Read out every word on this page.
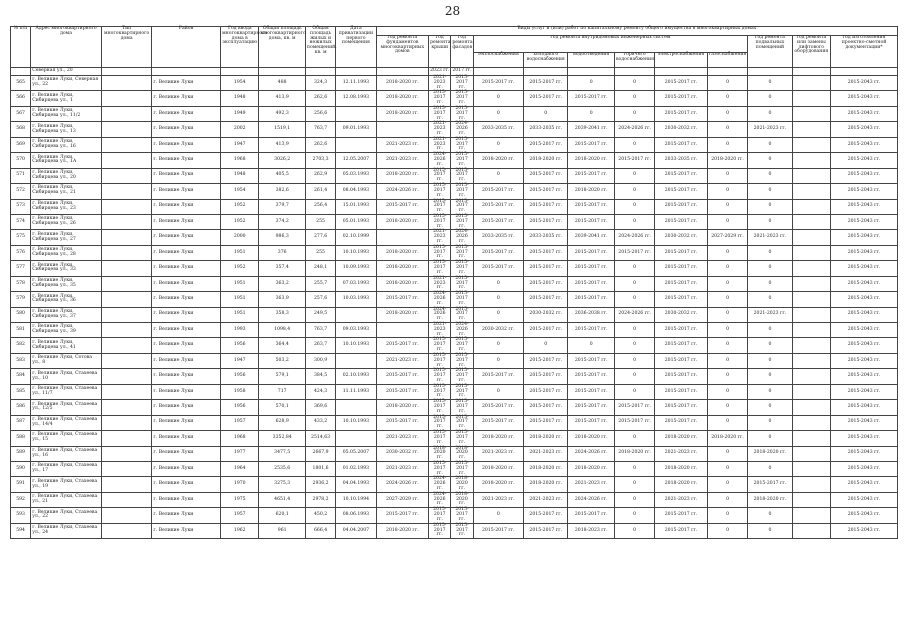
28
№ п/п	Адрес многоквартирного дома	Тип многоквартирного дома	Район	Год ввода многоквартирного дома в эксплуатацию	Общая площадь многоквартирного дома, кв. м	Общая площадь жилых и нежилых помещений, кв. м	Дата приватизации первого помещения	Виды услуг и (или) работ по капитальному ремонту общего имущества в многоквартирных домах											
								год ремонта фундаментов многоквартирных домов	год ремонта крыши	год ремонта фасадов	год ремонта внутридомовых инженерных систем						год ремонта подвальных помещений	год ремонта или замены лифтового оборудования	год изготовления проектно-сметной документации*
											теплоснабжения	холодного водоснабжения	водоотведения	горячего водоснабжения	электроснабжения	газоснабжения			
	Северная ул., 20								2023 гг.	2017 гг.									
565	г. Великие Луки, Северная ул., 22		г. Великие Луки	1954	488	324,3	12.11.1993	2018-2020 гг.	2021-2023 гг.	2015-2017 гг.	2015-2017 гг.	2015-2017 гг.	0	0	2015-2017 гг.	0	0		2015-2043 гг.
566	г. Великие Луки, Сибирцева ул., 1		г. Великие Луки	1948	413,9	262,6	12.08.1993	2018-2020 гг.	2015-2017 гг.	2015-2017 гг.	0	2015-2017 гг.	2015-2017 гг.	0	2015-2017 гг.	0	0		2015-2043 гг.
567	г. Великие Луки, Сибирцева ул., 11/2		г. Великие Луки	1949	492,3	256,6		2018-2020 гг.	2015-2017 гг.	2015-2017 гг.	0	0	0	0	2015-2017 гг.	0	0		2015-2043 гг.
568	г. Великие Луки, Сибирцева ул., 13		г. Великие Луки	2002	1519,1	763,7	09.01.1993		2021-2023 гг.	2024-2026 гг.	2033-2035 гг.	2033-2035 гг.	2039-2041 гг.	2024-2026 гг.	2030-2032 гг.	0	2021-2023 гг.		2015-2043 гг.
569	г. Великие Луки, Сибирцева ул., 16		г. Великие Луки	1947	413,9	262,6		2021-2023 гг.	2021-2023 гг.	2015-2017 гг.	0	2015-2017 гг.	2015-2017 гг.	0	2015-2017 гг.	0	0		2015-2043 гг.
570	г. Великие Луки, Сибирцева ул., 1А		г. Великие Луки	1968	3026,2	2703,3	12.05.2007	2021-2023 гг.	2024-2026 гг.	2015-2017 гг.	2018-2020 гг.	2018-2020 гг.	2018-2020 гг.	2015-2017 гг.	2033-2035 гг.	2018-2020 гг.	0		2015-2043 гг.
571	г. Великие Луки, Сибирцева ул., 20		г. Великие Луки	1948	405,5	262,9	05.03.1993	2018-2020 гг.	2015-2017 гг.	2015-2017 гг.	0	2015-2017 гг.	2015-2017 гг.	0	2015-2017 гг.	0	0		2015-2043 гг.
572	г. Великие Луки, Сибирцева ул., 21		г. Великие Луки	1954	382,6	261,4	08.04.1993	2024-2026 гг.	2015-2017 гг.	2015-2017 гг.	2015-2017 гг.	2015-2017 гг.	2018-2020 гг.	0	2015-2017 гг.	0	0		2015-2043 гг.
573	г. Великие Луки, Сибирцева ул., 23		г. Великие Луки	1952	379,7	256,4	15.01.1993	2015-2017 гг.	2015-2017 гг.	2015-2017 гг.	2015-2017 гг.	2015-2017 гг.	2015-2017 гг.	0	2015-2017 гг.	0	0		2015-2043 гг.
574	г. Великие Луки, Сибирцева ул., 26		г. Великие Луки	1952	374,2	255	05.01.1993	2018-2020 гг.	2015-2017 гг.	2015-2017 гг.	2015-2017 гг.	2015-2017 гг.	2015-2017 гг.	0	2015-2017 гг.	0	0		2015-2043 гг.
575	г. Великие Луки, Сибирцева ул., 27		г. Великие Луки	2000	986,3	277,6	02.10.1999		2021-2023 гг.	2024-2026 гг.	2033-2035 гг.	2033-2035 гг.	2039-2041 гг.	2024-2026 гг.	2030-2032 гг.	2027-2029 гг.	2021-2023 гг.		2015-2043 гг.
576	г. Великие Луки, Сибирцева ул., 28		г. Великие Луки	1951	376	255	10.10.1993	2018-2020 гг.	2015-2017 гг.	2015-2017 гг.	2015-2017 гг.	2015-2017 гг.	2015-2017 гг.	2015-2017 гг.	2015-2017 гг.	0	0		2015-2043 гг.
577	г. Великие Луки, Сибирцева ул., 33		г. Великие Луки	1952	357,4	248,1	10.09.1993	2018-2020 гг.	2015-2017 гг.	2015-2017 гг.	2015-2017 гг.	2015-2017 гг.	2015-2017 гг.	0	2015-2017 гг.	0	0		2015-2043 гг.
578	г. Великие Луки, Сибирцева ул., 35		г. Великие Луки	1951	363,2	255,7	07.03.1993	2018-2020 гг.	2021-2023 гг.	2015-2017 гг.	0	2015-2017 гг.	2015-2017 гг.	0	2015-2017 гг.	0	0		2015-2043 гг.
579	г. Великие Луки, Сибирцева ул., 36		г. Великие Луки	1951	363,9	257,6	10.03.1993	2015-2017 гг.	2024-2026 гг.	2015-2017 гг.	0	2015-2017 гг.	2015-2017 гг.	0	2015-2017 гг.	0	0		2015-2043 гг.
580	г. Великие Луки, Сибирцева ул., 37		г. Великие Луки	1951	358,3	249,5		2018-2020 гг.	2024-2026 гг.	2015-2017 гг.	0	2030-2032 гг.	2036-2038 гг.	2024-2026 гг.	2030-2032 гг.	0	2021-2023 гг.		2015-2043 гг.
581	г. Великие Луки, Сибирцева ул., 39		г. Великие Луки	1993	1098,4	763,7	09.03.1993		2021-2023 гг.	2024-2026 гг.	2030-2032 гг.	2015-2017 гг.	2015-2017 гг.	0	2015-2017 гг.	0	0		2015-2043 гг.
582	г. Великие Луки, Сибирцева ул., 41		г. Великие Луки	1956	364,4	263,7	10.10.1993	2015-2017 гг.	2015-2017 гг.	2015-2017 гг.	0	0	0	0	2015-2017 гг.	0	0		2015-2043 гг.
583	г. Великие Луки, Сотова ул., 8		г. Великие Луки	1947	503,2	300,9		2021-2023 гг.	2015-2017 гг.	2015-2017 гг.	0	2015-2017 гг.	2015-2017 гг.	0	2015-2017 гг.	0	0		2015-2043 гг.
584	г. Великие Луки, Стахеева ул., 10		г. Великие Луки	1956	579,1	384,5	02.10.1993	2015-2017 гг.	2015-2017 гг.	2015-2017 гг.	2015-2017 гг.	2015-2017 гг.	2015-2017 гг.	0	2015-2017 гг.	0	0		2015-2043 гг.
585	г. Великие Луки, Стахеева ул., 11/7		г. Великие Луки	1958	717	424,3	11.11.1993	2015-2017 гг.	2015-2017 гг.	2015-2017 гг.	0	2015-2017 гг.	2015-2017 гг.	0	2015-2017 гг.	0	0		2015-2043 гг.
586	г. Великие Луки, Стахеева ул., 12/5		г. Великие Луки	1956	570,1	369,6		2018-2020 гг.	2015-2017 гг.	2015-2017 гг.	2015-2017 гг.	2015-2017 гг.	2015-2017 гг.	2015-2017 гг.	2015-2017 гг.	0	0		2015-2043 гг.
587	г. Великие Луки, Стахеева ул., 14/4		г. Великие Луки	1957	628,9	433,2	10.10.1993	2015-2017 гг.	2015-2017 гг.	2015-2017 гг.	2015-2017 гг.	2015-2017 гг.	2015-2017 гг.	2015-2017 гг.	2015-2017 гг.	0	0		2015-2043 гг.
588	г. Великие Луки, Стахеева ул., 15		г. Великие Луки	1968	3352,84	2514,63		2021-2023 гг.	2015-2017 гг.	2015-2017 гг.	2018-2020 гг.	2018-2020 гг.	2018-2020 гг.	0	2018-2020 гг.	2018-2020 гг.	0		2015-2043 гг.
589	г. Великие Луки, Стахеева ул., 16		г. Великие Луки	1977	3477,5	2667,9	05.05.2007	2030-2032 гг.	2018-2020 гг.	2018-2020 гг.	2021-2023 гг.	2021-2023 гг.	2024-2026 гг.	2018-2020 гг.	2021-2023 гг.	0	2018-2020 гг.		2015-2043 гг.
590	г. Великие Луки, Стахеева ул., 17		г. Великие Луки	1964	2535,6	1801,6	01.02.1993	2021-2023 гг.	2015-2017 гг.	2015-2017 гг.	2018-2020 гг.	2018-2020 гг.	2018-2020 гг.	0	2018-2020 гг.	0	0		2015-2043 гг.
591	г. Великие Луки, Стахеева ул., 19		г. Великие Луки	1970	3275,3	2936,2	04.04.1993	2024-2026 гг.	2024-2026 гг.	2018-2020 гг.	2018-2020 гг.	2018-2020 гг.	2021-2023 гг.	0	2018-2020 гг.	0	2015-2017 гг.		2015-2043 гг.
592	г. Великие Луки, Стахеева ул., 21		г. Великие Луки	1975	4651,4	2978,2	10.10.1994	2027-2029 гг.	2024-2026 гг.	2018-2020 гг.	2021-2023 гг.	2021-2023 гг.	2024-2026 гг.	0	2021-2023 гг.	0	2018-2020 гг.		2015-2043 гг.
593	г. Великие Луки, Стахеева ул., 22		г. Великие Луки	1957	620,1	450,2	08.06.1993	2015-2017 гг.	2015-2017 гг.	2015-2017 гг.	0	2015-2017 гг.	2015-2017 гг.	0	2015-2017 гг.	0	0		2015-2043 гг.
594	г. Великие Луки, Стахеева ул., 24		г. Великие Луки	1962	961	666,4	04.04.2007	2018-2020 гг.	2015-2017 гг.	2015-2017 гг.	2015-2017 гг.	2015-2017 гг.	2018-2023 гг.	0	2015-2017 гг.	0	0		2015-2043 гг.
